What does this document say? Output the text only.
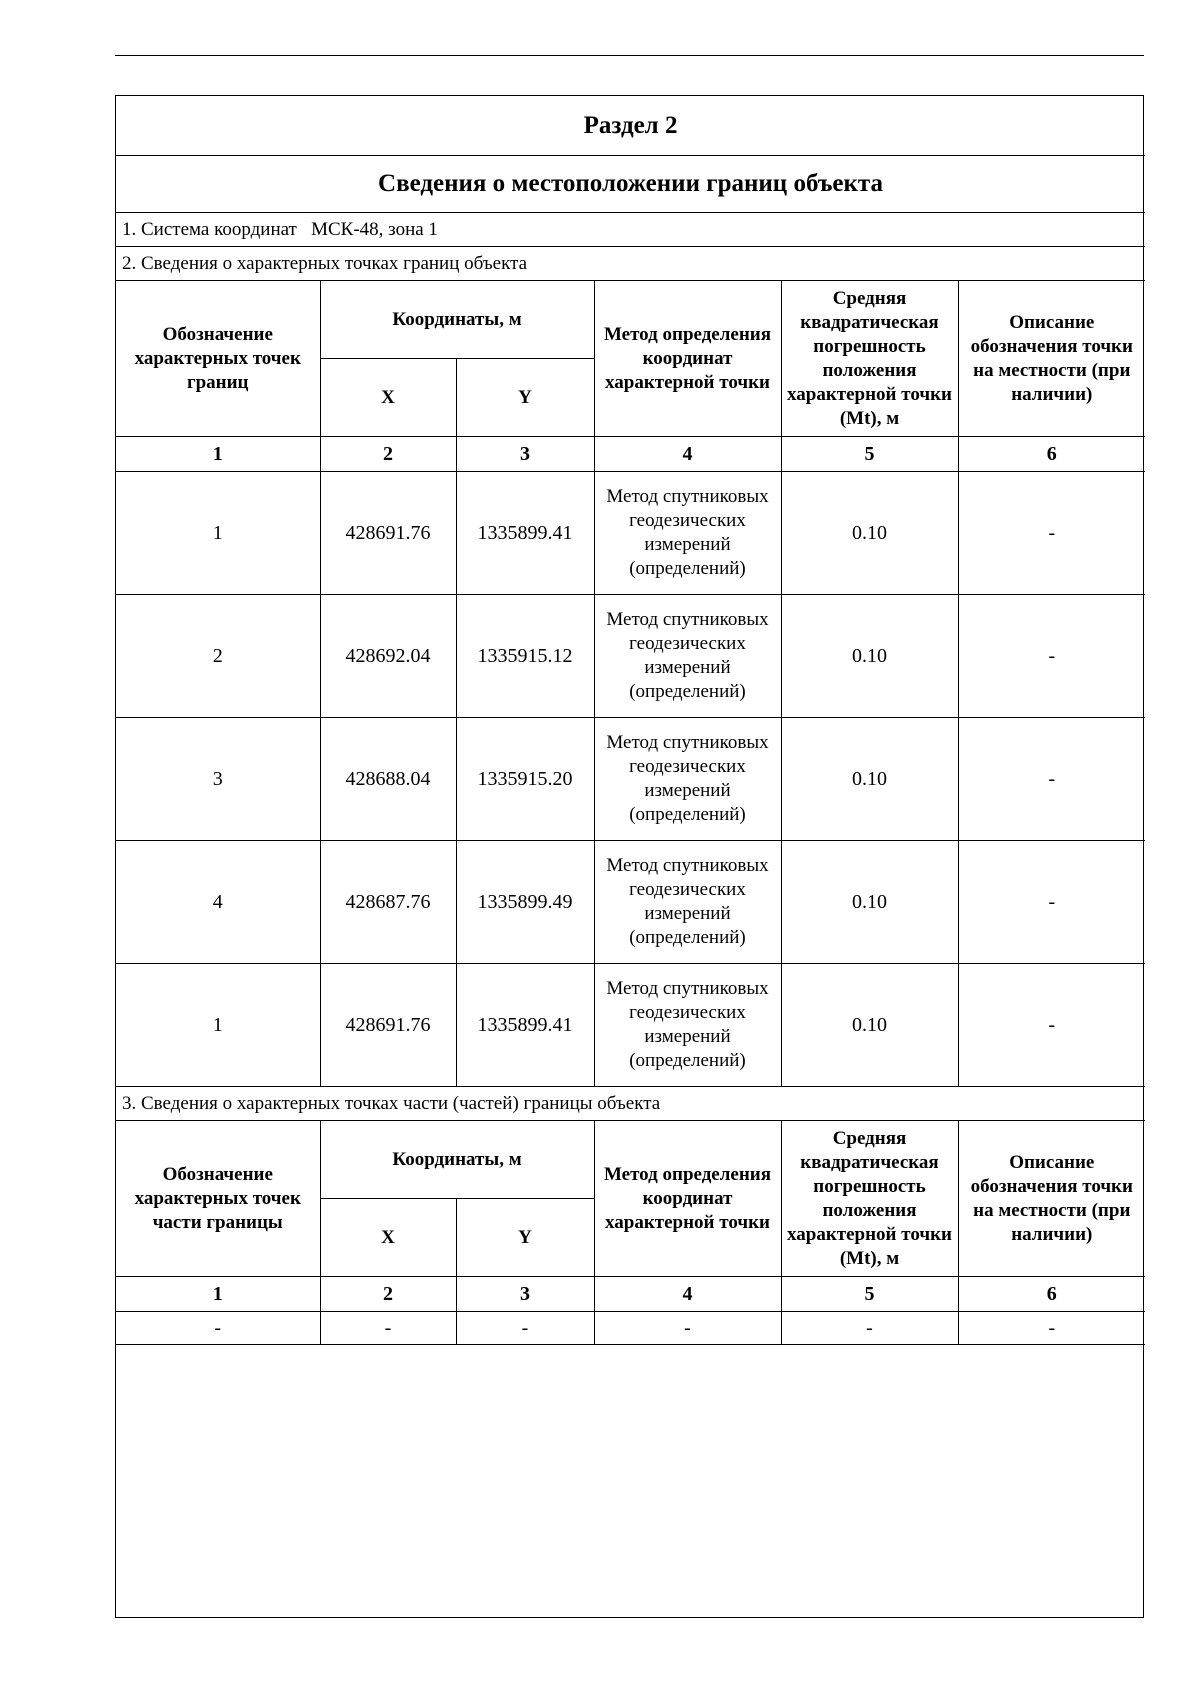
Раздел 2					
Сведения о местоположении границ объекта					
1. Система координат МСК-48, зона 1					
2. Сведения о характерных точках границ объекта					
Обозначение характерных точек границ	Координаты, м		Метод определения координат характерной точки	Средняя квадратическая погрешность положения характерной точки (Mt), м	Описание обозначения точки на местности (при наличии)
	X	Y			
1	2	3	4	5	6
1	428691.76	1335899.41	Метод спутниковых геодезических измерений (определений)	0.10	-
2	428692.04	1335915.12	Метод спутниковых геодезических измерений (определений)	0.10	-
3	428688.04	1335915.20	Метод спутниковых геодезических измерений (определений)	0.10	-
4	428687.76	1335899.49	Метод спутниковых геодезических измерений (определений)	0.10	-
1	428691.76	1335899.41	Метод спутниковых геодезических измерений (определений)	0.10	-
3. Сведения о характерных точках части (частей) границы объекта					
Обозначение характерных точек части границы	Координаты, м		Метод определения координат характерной точки	Средняя квадратическая погрешность положения характерной точки (Mt), м	Описание обозначения точки на местности (при наличии)
	X	Y			
1	2	3	4	5	6
-	-	-	-	-	-
